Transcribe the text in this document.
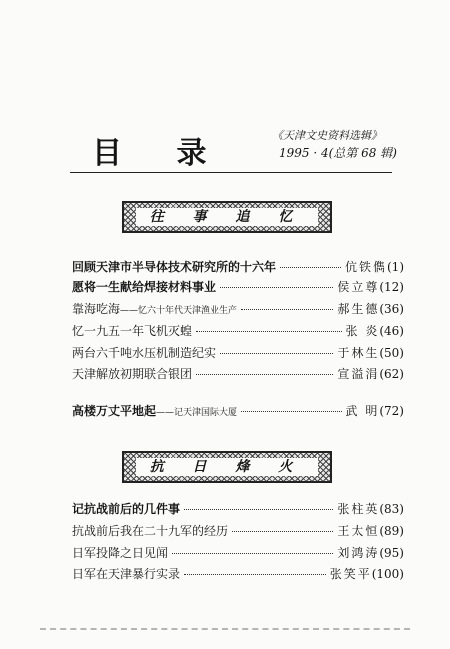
目 录
《天津文史资料选辑》
1995 · 4(总第 68 辑)
往 事 追 忆
回顾天津市半导体技术研究所的十六年	伉铁儁 (1)
愿将一生献给焊接材料事业	侯立尊 (12)
靠海吃海 ——忆六十年代天津渔业生产	郝生德 (36)
忆一九五一年飞机灭蝗	张 炎 (46)
两台六千吨水压机制造纪实	于林生 (50)
天津解放初期联合银团	宣溢涓 (62)
高楼万丈平地起 ——记天津国际大厦	武 明 (72)
抗 日 烽 火
记抗战前后的几件事	张柱英 (83)
抗战前后我在二十九军的经历	王太恒 (89)
日军投降之日见闻	刘鸿涛 (95)
日军在天津暴行实录	张笑平 (100)
